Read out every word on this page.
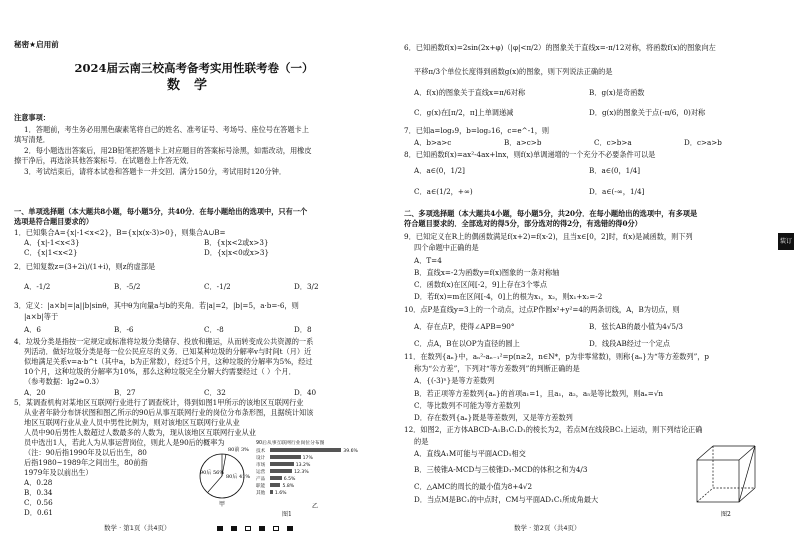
秘密★启用前
2024届云南三校高考备考实用性联考卷（一）
数学
注意事项：
1．答题前，考生务必用黑色碳素笔将自己的姓名、准考证号、考场号、座位号在答题卡上
填写清楚．
2．每小题选出答案后，用2B铅笔把答题卡上对应题目的答案标号涂黑，如需改动，用橡皮
擦干净后，再选涂其他答案标号．在试题卷上作答无效．
3．考试结束后，请将本试卷和答题卡一并交回．满分150分，考试用时120分钟．
一、单项选择题（本大题共8小题，每小题5分，共40分．在每小题给出的选项中，只有一个
选项是符合题目要求的）
1．已知集合A={x|-1<x<2}，B={x|x(x-3)>0}，则集合A∪B=
A．{x|-1<x<3}	B．{x|x<2或x>3}
C．{x|1<x<2}	D．{x|x<0或x>3}
2．已知复数z=(3+2i)/(1+i)，则z的虚部是
A．-1/2	B．-5/2	C．-1/2	D．3/2
3．定义：|a×b|=|a||b|sinθ，其中θ为向量a与b的夹角．若|a|=2，|b|=5，a·b=-6，则
|a×b|等于
A．6	B．-6	C．-8	D．8
4．垃圾分类是指按一定规定或标准将垃圾分类储存、投放和搬运，从而转变成公共资源的一系
列活动．做好垃圾分类是每一位公民应尽的义务．已知某种垃圾的分解率v与时间t（月）近
似地满足关系v=a·b^t（其中a，b为正常数），经过5个月，这种垃圾的分解率为5%，经过
10个月，这种垃圾的分解率为10%，那么这种垃圾完全分解大约需要经过（ ）个月．
（参考数据：lg2≈0.3）
A．20	B．27	C．32	D．40
5．某调查机构对某地区互联网行业进行了调查统计，得到如图1甲所示的该地区互联网行业
从业者年龄分布饼状图和图乙所示的90后从事互联网行业的岗位分布条形图，且据统计知该
地区互联网行业从业人员中男性比例为，则对该地区互联网行业从业
人员中90后男性人数超过人数最多的人数为，现从该地区互联网行业从业
员中选出1人，若此人为从事运营岗位，则此人是90后的概率为
（注：90后指1990年及以后出生，80
后指1980~1989年之间出生，80前指
1979年及以前出生）
A．0.28
B．0.34
C．0.56
D．0.61
80前 3%
80后 41%
90后 56%
甲
90后从事互联网行业岗位分布图
技术	39.6%
设计	17%
市场	13.2%
运营	12.3%
产品	6.5%
职能	5.8%
其他 1.6%
乙
图1
数学 · 第1页（共4页）
6．已知函数f(x)=2sin(2x+φ)（|φ|<π/2）的图象关于直线x=-π/12对称，将函数f(x)的图象向左
平移π/3个单位长度得到函数g(x)的图象，则下列说法正确的是
A．f(x)的图象关于直线x=π/6对称	B．g(x)是奇函数
C．g(x)在[π/2，π]上单调递减	D．g(x)的图象关于点(-π/6，0)对称
7．已知a=log₃9，b=log₂16，c=e^-1，则
A．b>a>c	B．a>c>b	C．c>b>a	D．c>a>b
8．已知函数f(x)=ax²-4ax+lnx，则f(x)单调递增的一个充分不必要条件可以是
A．a∈(0，1/2]	B．a∈(0，1/4]
C．a∈(1/2，+∞)	D．a∈(-∞，1/4]
二、多项选择题（本大题共4小题，每小题5分，共20分．在每小题给出的选项中，有多项是
符合题目要求的．全部选对的得5分，部分选对的得2分，有选错的得0分）
9．已知定义在R上的偶函数满足f(x+2)=f(x-2)，且当x∈[0，2]时，f(x)是减函数，则下列
四个命题中正确的是
A．T=4
B．直线x=-2为函数y=f(x)图象的一条对称轴
C．函数f(x)在区间[-2，9]上存在3个零点
D．若f(x)=m在区间[-4，0]上的根为x₁，x₂，则x₁+x₂=-2
10．点P是直线y=3上的一个动点，过点P作圆x²+y²=4的两条切线，A，B为切点，则
A．存在点P，使得∠APB=90°	B．弦长AB的最小值为4√5/3
C．点A，B在以OP为直径的圆上	D．线段AB经过一个定点
11．在数列{aₙ}中，aₙ²-aₙ₋₁²=p(n≥2，n∈N*，p为非零常数)，则称{aₙ}为“等方差数列”，p
称为“公方差”，下列对“等方差数列”的判断正确的是
A．{(-3)ⁿ}是等方差数列
B．若正项等方差数列{aₙ}的首项a₁=1，且a₁，a₂，a₅是等比数列，则aₙ=√n
C．等比数列不可能为等方差数列
D．存在数列{aₙ}既是等差数列，又是等方差数列
12．如图2，正方体ABCD-A₁B₁C₁D₁的棱长为2，若点M在线段BC₁上运动，则下列结论正确
的是
A．直线A₁M可能与平面ACD₁相交
B．三棱锥A-MCD与三棱锥D₁-MCD的体积之和为4/3
C．△AMC的周长的最小值为8+4√2
D．当点M是BC₁的中点时，CM与平面AD₁C₁所成角最大
图2
数学 · 第2页（共4页）
装订
